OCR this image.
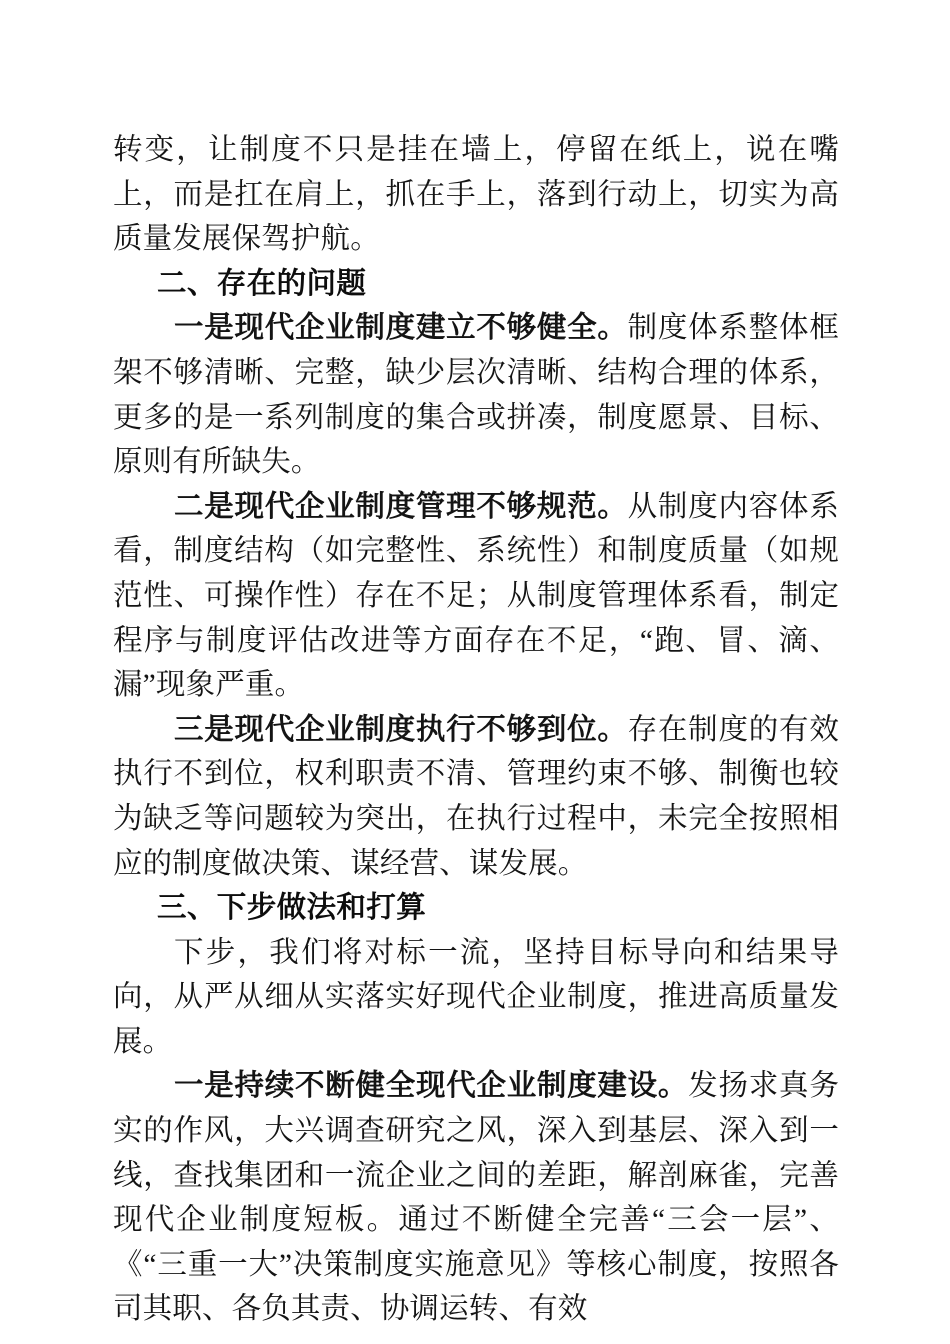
转变，让制度不只是挂在墙上，停留在纸上，说在嘴上，而是扛在肩上，抓在手上，落到行动上，切实为高质量发展保驾护航。

二、存在的问题

一是现代企业制度建立不够健全。制度体系整体框架不够清晰、完整，缺少层次清晰、结构合理的体系，更多的是一系列制度的集合或拼凑，制度愿景、目标、原则有所缺失。

二是现代企业制度管理不够规范。从制度内容体系看，制度结构（如完整性、系统性）和制度质量（如规范性、可操作性）存在不足；从制度管理体系看，制定程序与制度评估改进等方面存在不足，“跑、冒、滴、漏”现象严重。

三是现代企业制度执行不够到位。存在制度的有效执行不到位，权利职责不清、管理约束不够、制衡也较为缺乏等问题较为突出，在执行过程中，未完全按照相应的制度做决策、谋经营、谋发展。

三、下步做法和打算

下步，我们将对标一流，坚持目标导向和结果导向，从严从细从实落实好现代企业制度，推进高质量发展。

一是持续不断健全现代企业制度建设。发扬求真务实的作风，大兴调查研究之风，深入到基层、深入到一线，查找集团和一流企业之间的差距，解剖麻雀，完善现代企业制度短板。通过不断健全完善“三会一层”、《“三重一大”决策制度实施意见》等核心制度，按照各司其职、各负其责、协调运转、有效
